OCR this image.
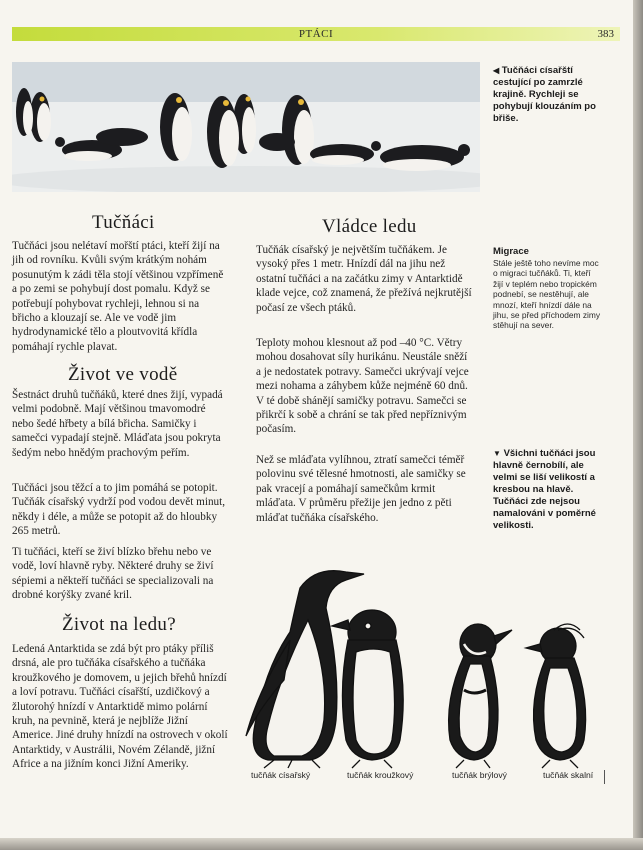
PTÁCI	383
◀ Tučňáci císařští cestující po zamrzlé krajině. Rychleji se pohybují klouzáním po břiše.
Tučňáci

Tučňáci jsou nelétaví mořští ptáci, kteří žijí na jih od rovníku. Kvůli svým krátkým nohám posunutým k zádi těla stojí většinou vzpřímeně a po zemi se pohybují dost pomalu. Když se potřebují pohybovat rychleji, lehnou si na břicho a klouzají se. Ale ve vodě jim hydrodynamické tělo a ploutvovitá křídla pomáhají rychle plavat.

Život ve vodě

Šestnáct druhů tučňáků, které dnes žijí, vypadá velmi podobně. Mají většinou tmavomodré nebo šedé hřbety a bílá břicha. Samičky i samečci vypadají stejně. Mláďata jsou pokryta šedým nebo hnědým prachovým peřím.

Tučňáci jsou těžcí a to jim pomáhá se potopit. Tučňák císařský vydrží pod vodou devět minut, někdy i déle, a může se potopit až do hloubky 265 metrů.

Ti tučňáci, kteří se živí blízko břehu nebo ve vodě, loví hlavně ryby. Některé druhy se živí sépiemi a někteří tučňáci se specializovali na drobné korýšky zvané kril.

Život na ledu?

Ledená Antarktida se zdá být pro ptáky příliš drsná, ale pro tučňáka císařského a tučňáka kroužkového je domovem, u jejich břehů hnízdí a loví potravu. Tučňáci císařští, uzdičkový a žlutorohý hnízdí v Antarktidě mimo polární kruh, na pevnině, která je nejblíže Jižní Americe. Jiné druhy hnízdí na ostrovech v okolí Antarktidy, v Austrálii, Novém Zélandě, jižní Africe a na jižním konci Jižní Ameriky.

Vládce ledu

Tučňák císařský je největším tučňákem. Je vysoký přes 1 metr. Hnízdí dál na jihu než ostatní tučňáci a na začátku zimy v Antarktidě klade vejce, což znamená, že přežívá nejkrutější počasí ze všech ptáků.

Teploty mohou klesnout až pod –40 °C. Větry mohou dosahovat síly hurikánu. Neustále sněží a je nedostatek potravy. Samečci ukrývají vejce mezi nohama a záhybem kůže nejméně 60 dnů. V té době shánějí samičky potravu. Samečci se přikrčí k sobě a chrání se tak před nepříznivým počasím.

Než se mláďata vylíhnou, ztratí samečci téměř polovinu své tělesné hmotnosti, ale samičky se pak vracejí a pomáhají samečkům krmit mláďata. V průměru přežije jen jedno z pěti mláďat tučňáka císařského.

Migrace

Stále ještě toho nevíme moc o migraci tučňáků. Ti, kteří žijí v teplém nebo tropickém podnebí, se nestěhují, ale mnozí, kteří hnízdí dále na jihu, se před příchodem zimy stěhují na sever.

▼ Všichni tučňáci jsou hlavně černobílí, ale velmi se liší velikostí a kresbou na hlavě. Tučňáci zde nejsou namalováni v poměrné velikosti.
tučňák císařský	tučňák kroužkový	tučňák brýlový	tučňák skalní
